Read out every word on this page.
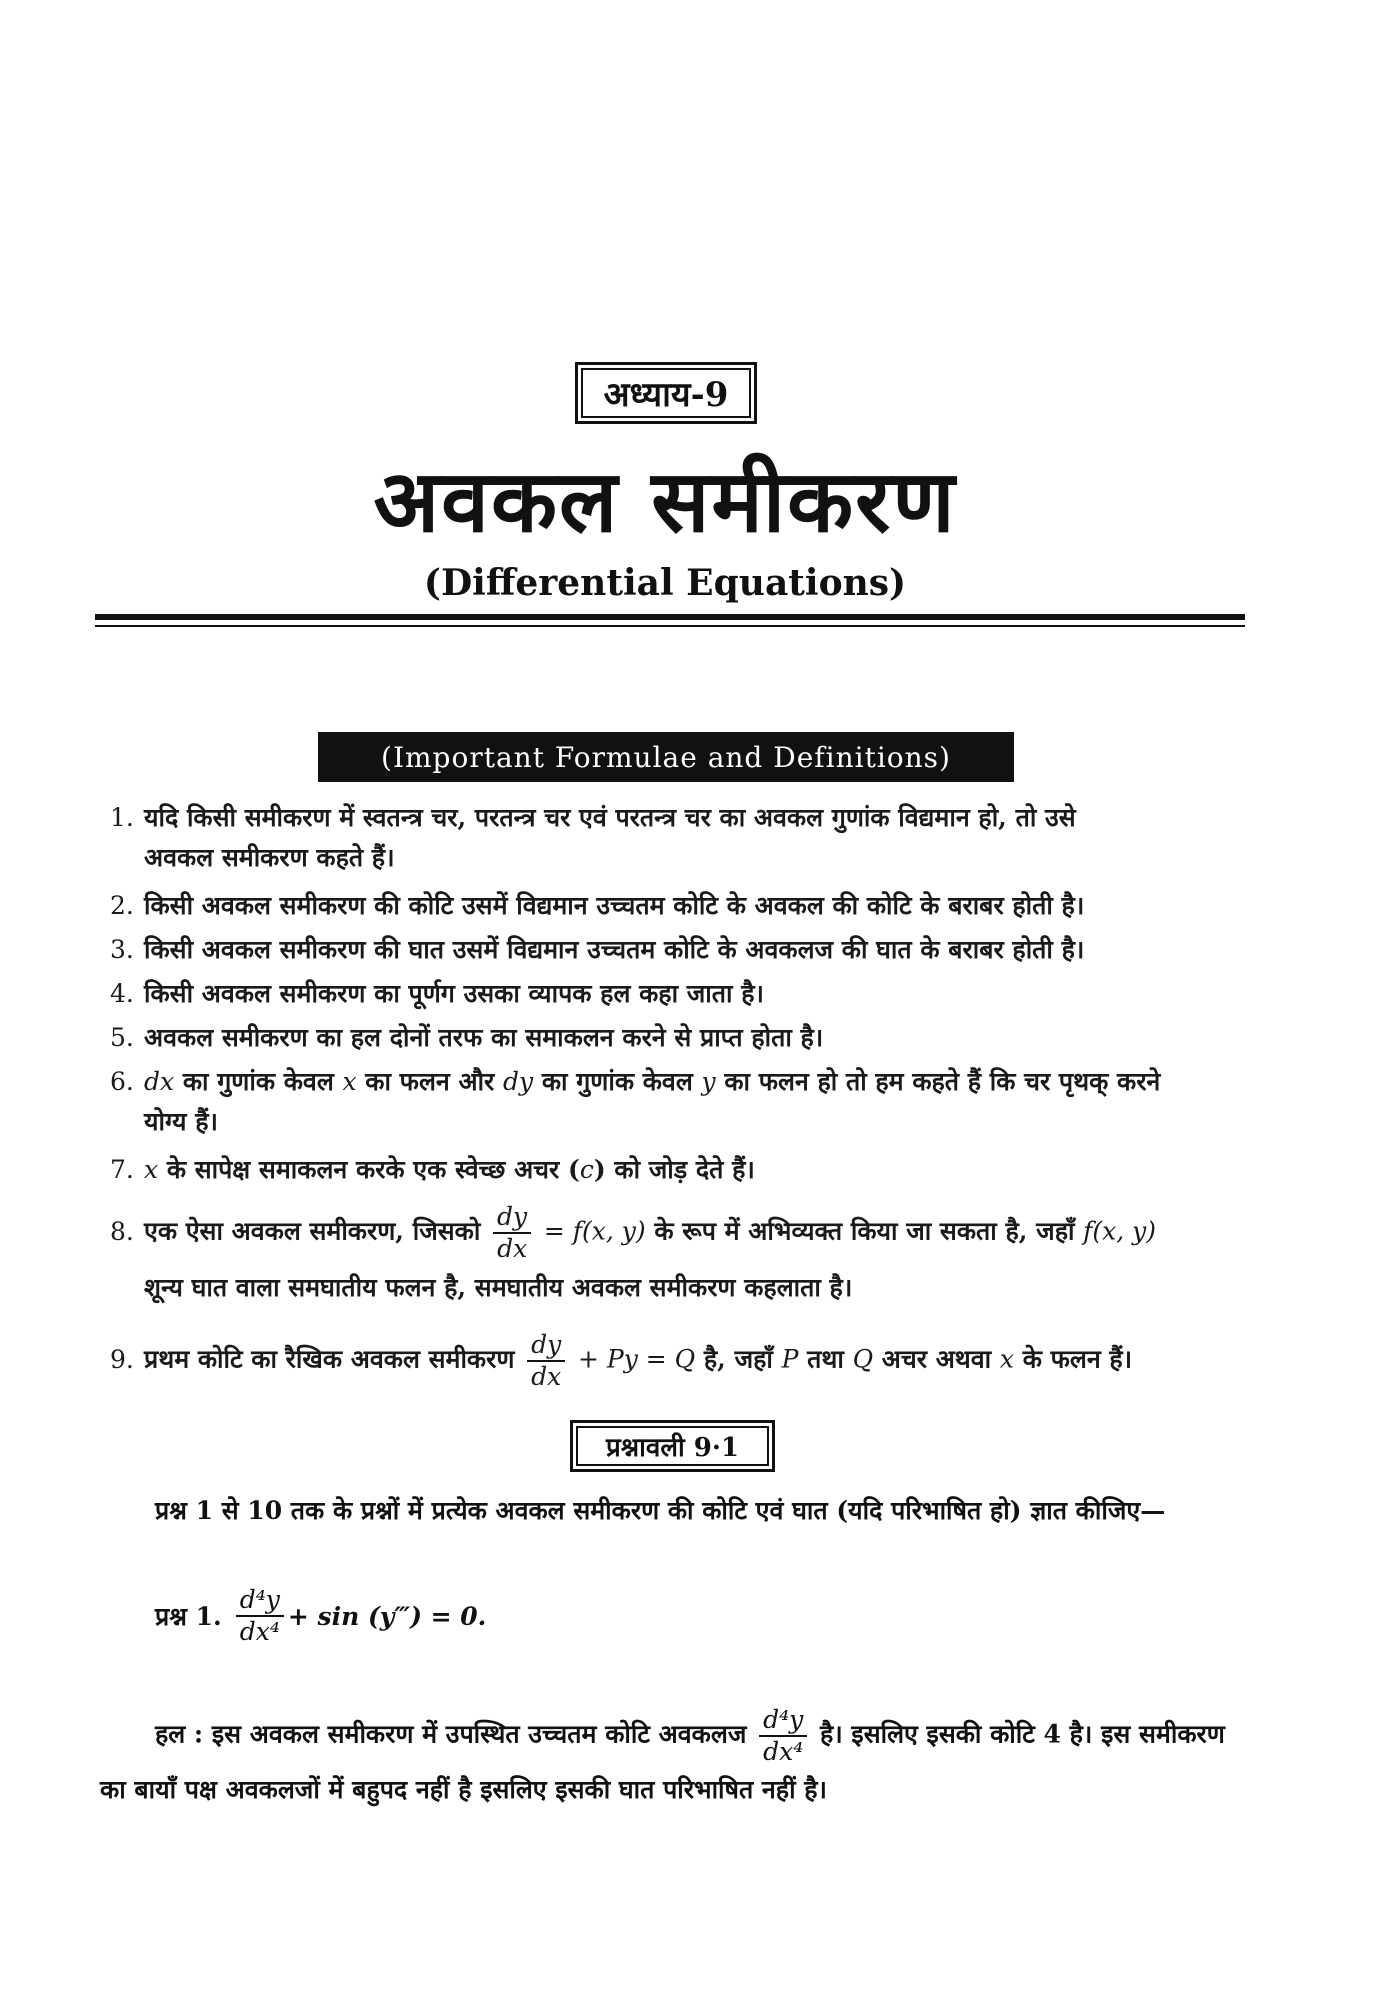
अध्याय-9
अवकल समीकरण
(Differential Equations)
(Important Formulae and Definitions)
1. यदि किसी समीकरण में स्वतन्त्र चर, परतन्त्र चर एवं परतन्त्र चर का अवकल गुणांक विद्यमान हो, तो उसे
अवकल समीकरण कहते हैं।
2. किसी अवकल समीकरण की कोटि उसमें विद्यमान उच्चतम कोटि के अवकल की कोटि के बराबर होती है।
3. किसी अवकल समीकरण की घात उसमें विद्यमान उच्चतम कोटि के अवकलज की घात के बराबर होती है।
4. किसी अवकल समीकरण का पूर्णग उसका व्यापक हल कहा जाता है।
5. अवकल समीकरण का हल दोनों तरफ का समाकलन करने से प्राप्त होता है।
6. dx का गुणांक केवल x का फलन और dy का गुणांक केवल y का फलन हो तो हम कहते हैं कि चर पृथक् करने
योग्य हैं।
7. x के सापेक्ष समाकलन करके एक स्वेच्छ अचर (c) को जोड़ देते हैं।
8. एक ऐसा अवकल समीकरण, जिसको $\frac{dy}{dx} = f(x$, y) के रूप में अभिव्यक्त किया जा सकता है, जहाँ f(x, y)
शून्य घात वाला समघातीय फलन है, समघातीय अवकल समीकरण कहलाता है।
9. प्रथम कोटि का रैखिक अवकल समीकरण $\frac{dy}{dx} + Py = Q$ है, जहाँ P तथा Q अचर अथवा x के फलन हैं।
प्रश्नावली 9·1
प्रश्न 1 से 10 तक के प्रश्नों में प्रत्येक अवकल समीकरण की कोटि एवं घात (यदि परिभाषित हो) ज्ञात कीजिए—
प्रश्न 1. $\frac{\text{d⁴y}}{\text{dx⁴}} + \sin$ (y‴) = 0.
हल : इस अवकल समीकरण में उपस्थित उच्चतम कोटि अवकलज $\frac{\text{d⁴y}}{\text{dx⁴}}$ है। इसलिए इसकी कोटि 4 है। इस समीकरण का बायाँ पक्ष अवकलजों में बहुपद नहीं है इसलिए इसकी घात परिभाषित नहीं है।
